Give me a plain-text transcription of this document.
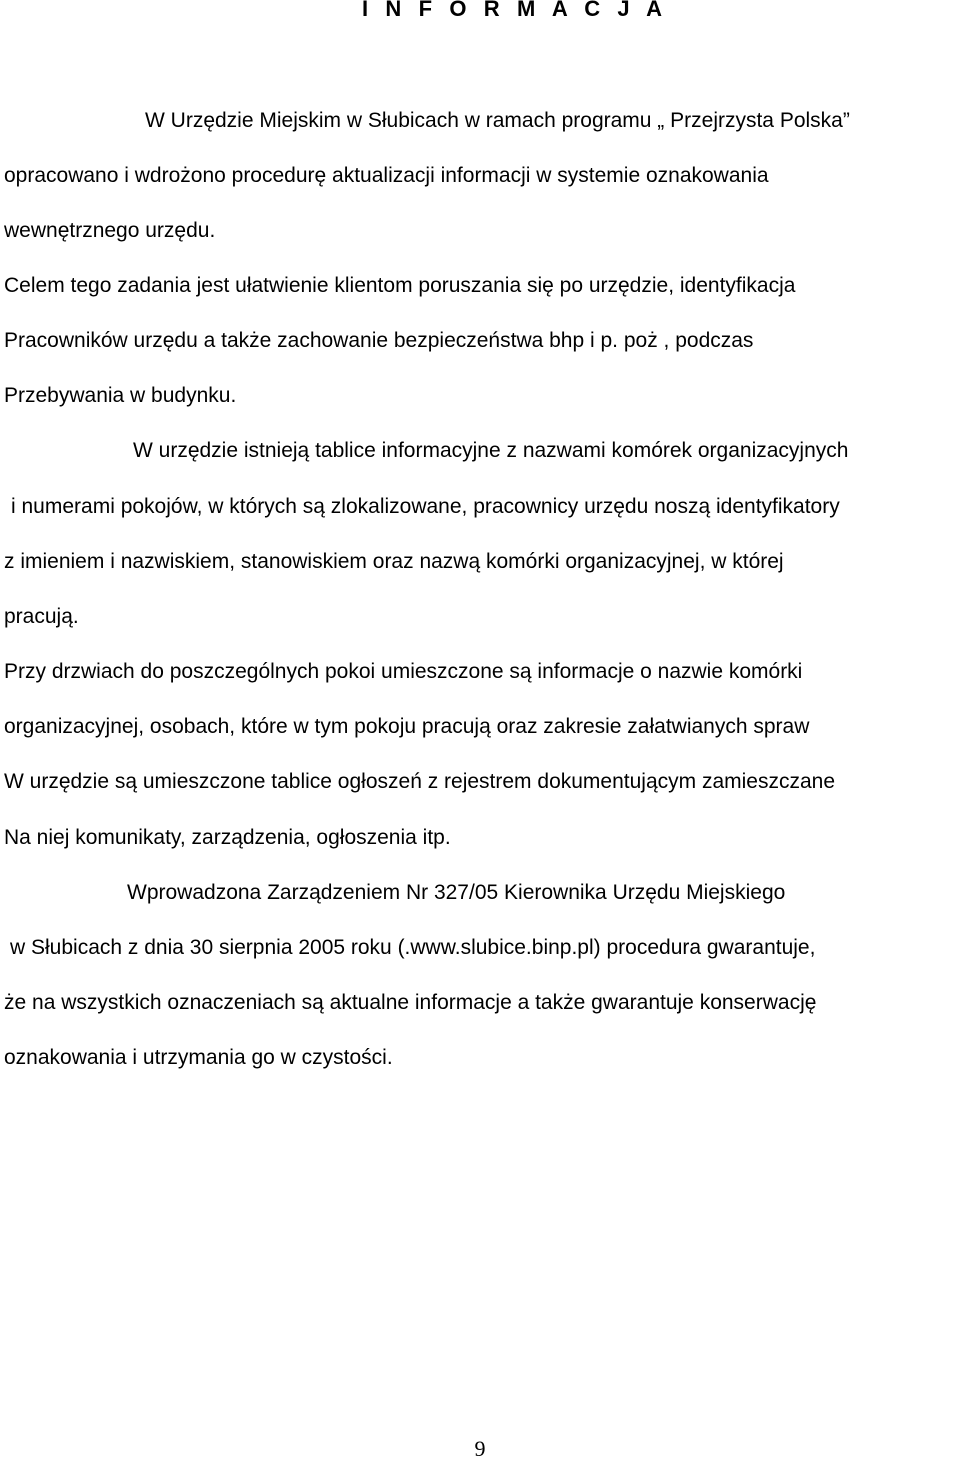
I N F O R M A C J A
W Urzędzie Miejskim w Słubicach w ramach programu „ Przejrzysta Polska”
opracowano i wdrożono procedurę aktualizacji informacji w systemie oznakowania
wewnętrznego urzędu.
Celem tego zadania jest ułatwienie klientom poruszania się po urzędzie, identyfikacja
Pracowników urzędu a także zachowanie bezpieczeństwa bhp i p. poż , podczas
Przebywania w budynku.
W urzędzie istnieją tablice informacyjne z nazwami komórek organizacyjnych
i numerami pokojów, w których są zlokalizowane, pracownicy urzędu noszą identyfikatory
z imieniem i nazwiskiem, stanowiskiem oraz nazwą komórki organizacyjnej, w której
pracują.
Przy drzwiach do poszczególnych pokoi umieszczone są informacje o nazwie komórki
organizacyjnej, osobach, które w tym pokoju pracują oraz zakresie załatwianych spraw
W urzędzie są umieszczone tablice ogłoszeń z rejestrem dokumentującym zamieszczane
Na niej komunikaty, zarządzenia, ogłoszenia itp.
Wprowadzona Zarządzeniem Nr 327/05 Kierownika Urzędu Miejskiego
w Słubicach z dnia 30 sierpnia 2005 roku (.www.slubice.binp.pl) procedura gwarantuje,
że na wszystkich oznaczeniach są aktualne informacje a także gwarantuje konserwację
oznakowania i utrzymania go w czystości.
9
